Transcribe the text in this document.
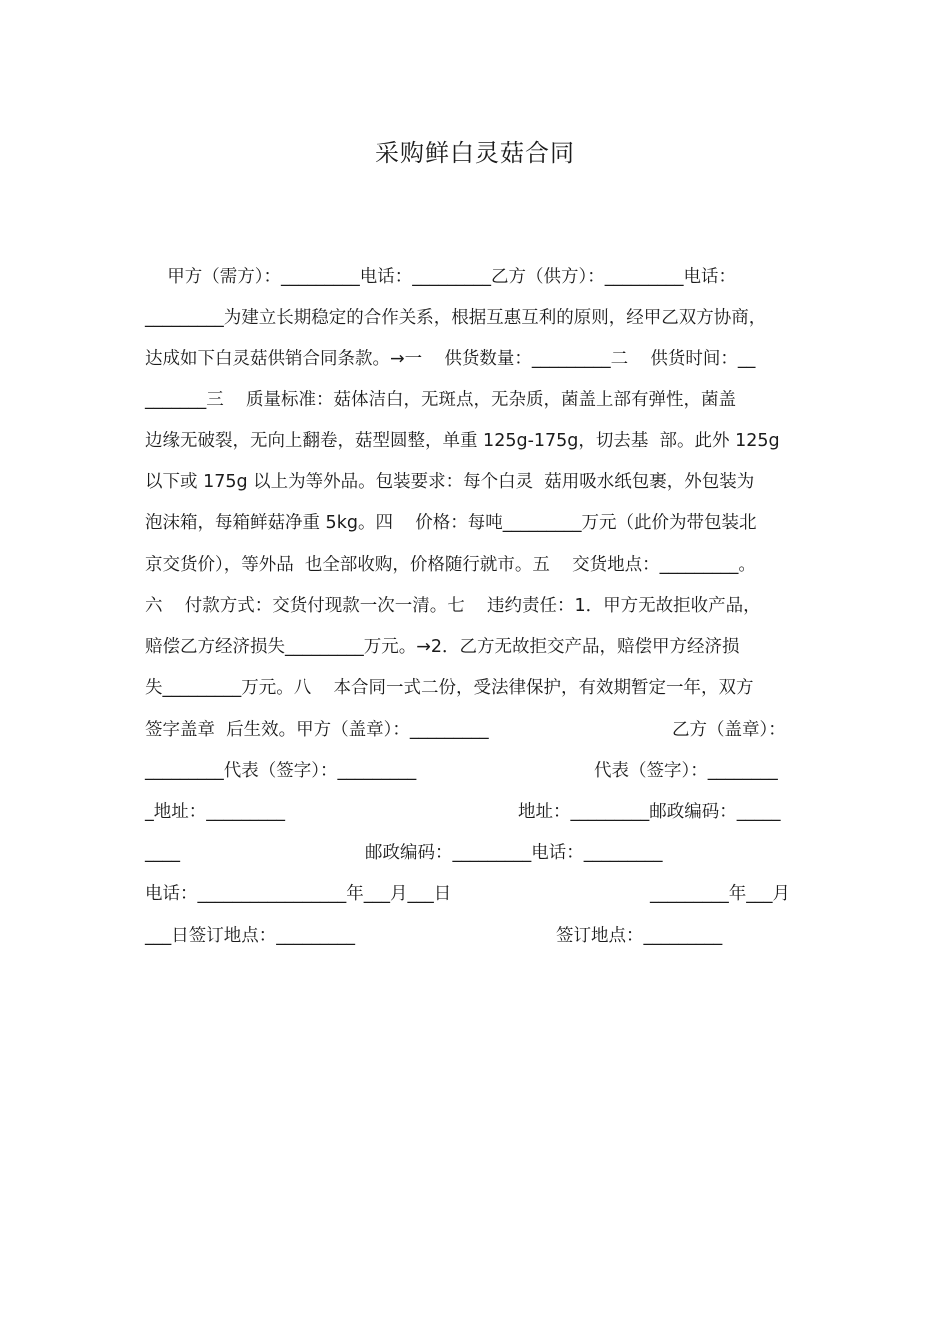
采购鲜白灵菇合同
甲方（需方）：_________电话：_________乙方（供方）：_________电话：
_________为建立长期稳定的合作关系，根据互惠互利的原则，经甲乙双方协商，
达成如下白灵菇供销合同条款。→一    供货数量：_________二    供货时间：__
_______三    质量标准：菇体洁白，无斑点，无杂质，菌盖上部有弹性，菌盖
边缘无破裂，无向上翻卷，菇型圆整，单重 125g-175g，切去基  部。此外 125g
以下或 175g 以上为等外品。包装要求：每个白灵  菇用吸水纸包裹，外包装为
泡沫箱，每箱鲜菇净重 5kg。四    价格：每吨_________万元（此价为带包装北
京交货价），等外品  也全部收购，价格随行就市。五    交货地点：_________。
六    付款方式：交货付现款一次一清。七    违约责任：1．甲方无故拒收产品，
赔偿乙方经济损失_________万元。→2．乙方无故拒交产品，赔偿甲方经济损
失_________万元。八    本合同一式二份，受法律保护，有效期暂定一年，双方
签字盖章  后生效。甲方（盖章）：_________	乙方（盖章）：
_________代表（签字）：_________	代表（签字）：________
_地址：_________	地址：_________邮政编码：_____
____	邮政编码：_________电话：_________
电话：_________________年___月___日	_________年___月
___日签订地点：_________	签订地点：_________
